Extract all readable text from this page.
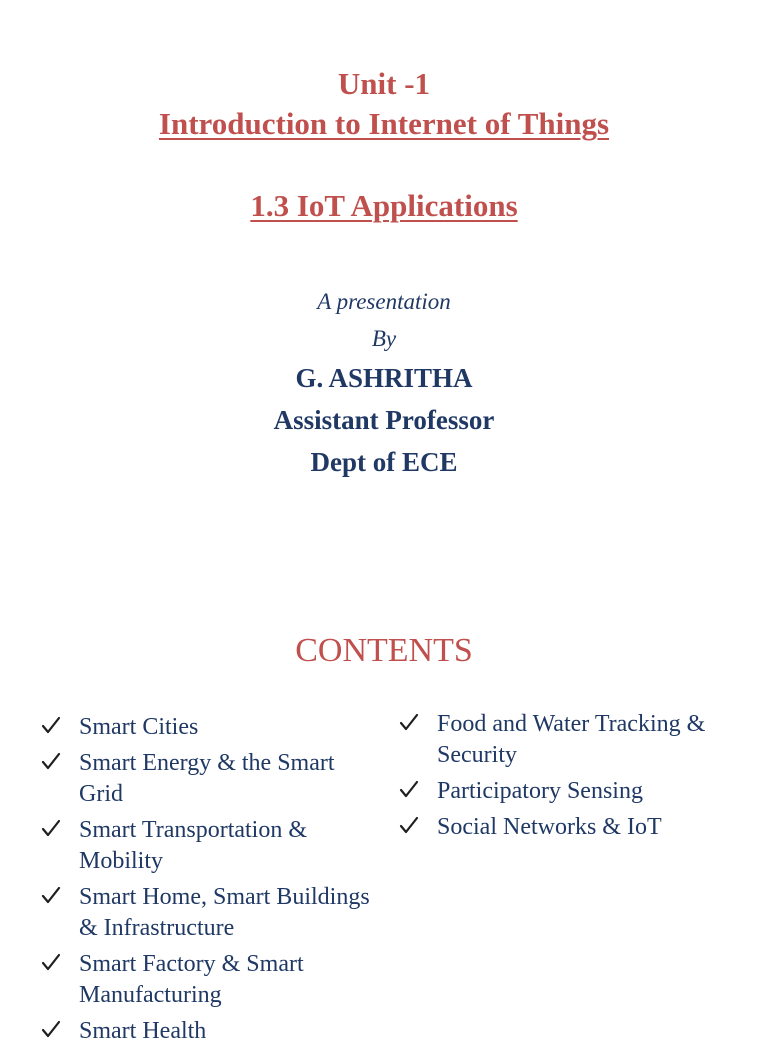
Unit -1
Introduction to Internet of Things
1.3 IoT Applications
A presentation
By
G. ASHRITHA
Assistant Professor
Dept of ECE
CONTENTS
Smart Cities
Smart Energy & the Smart Grid
Smart Transportation & Mobility
Smart Home, Smart Buildings & Infrastructure
Smart Factory & Smart Manufacturing
Smart Health
Food and Water Tracking & Security
Participatory Sensing
Social Networks & IoT
